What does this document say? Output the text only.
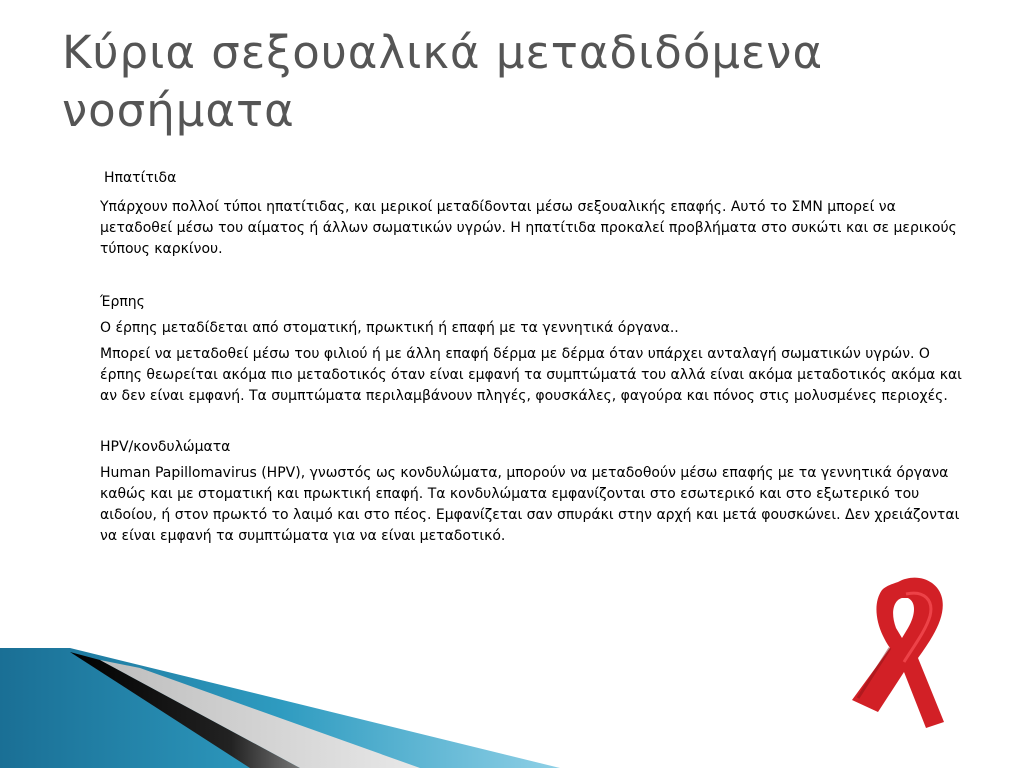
Κύρια σεξουαλικά μεταδιδόμενα νοσήματα

Ηπατίτιδα

Υπάρχουν πολλοί τύποι ηπατίτιδας, και μερικοί μεταδίδονται μέσω σεξουαλικής επαφής. Αυτό το ΣΜΝ μπορεί να μεταδοθεί μέσω του αίματος ή άλλων σωματικών υγρών. Η ηπατίτιδα προκαλεί προβλήματα στο συκώτι και σε μερικούς τύπους καρκίνου.

Έρπης

Ο έρπης μεταδίδεται από στοματική, πρωκτική ή επαφή με τα γεννητικά όργανα..

Μπορεί να μεταδοθεί μέσω του φιλιού ή με άλλη επαφή δέρμα με δέρμα όταν υπάρχει ανταλαγή σωματικών υγρών. Ο έρπης θεωρείται ακόμα πιο μεταδοτικός όταν είναι εμφανή τα συμπτώματά του αλλά είναι ακόμα μεταδοτικός ακόμα και αν δεν είναι εμφανή. Τα συμπτώματα περιλαμβάνουν πληγές, φουσκάλες, φαγούρα και πόνος στις μολυσμένες περιοχές.

HPV/κονδυλώματα

Human Papillomavirus (HPV), γνωστός ως κονδυλώματα, μπορούν να μεταδοθούν μέσω επαφής με τα γεννητικά όργανα καθώς και με στοματική και πρωκτική επαφή. Τα κονδυλώματα εμφανίζονται στο εσωτερικό και στο εξωτερικό του αιδοίου, ή στον πρωκτό το λαιμό και στο πέος. Εμφανίζεται σαν σπυράκι στην αρχή και μετά φουσκώνει. Δεν χρειάζονται να είναι εμφανή τα συμπτώματα για να είναι μεταδοτικό.
